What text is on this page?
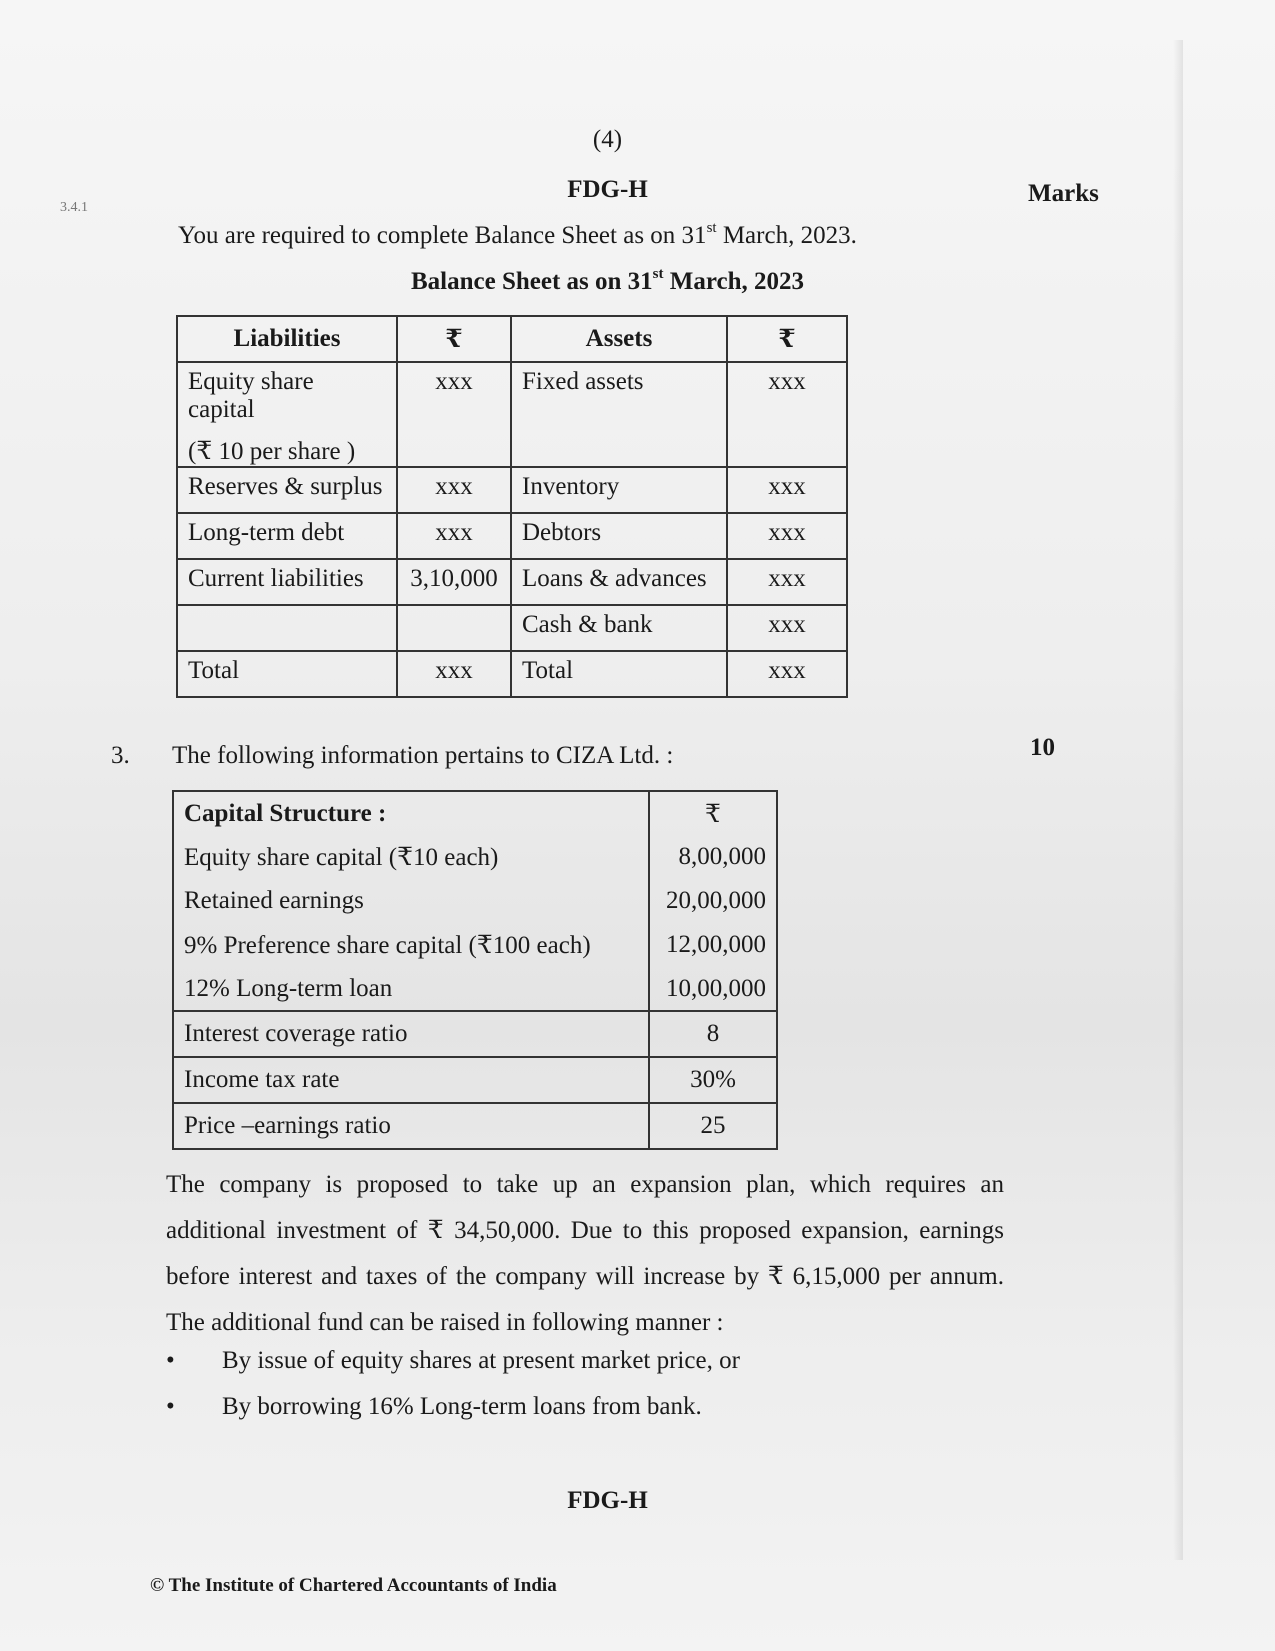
3.4.1
(4)
FDG-H	Marks
You are required to complete Balance Sheet as on 31st March, 2023.
Balance Sheet as on 31st March, 2023
Liabilities	₹	Assets	₹
Equity share capital
(₹ 10 per share )	xxx	Fixed assets	xxx
Reserves & surplus	xxx	Inventory	xxx
Long-term debt	xxx	Debtors	xxx
Current liabilities	3,10,000	Loans & advances	xxx
		Cash & bank	xxx
Total	xxx	Total	xxx
3. The following information pertains to CIZA Ltd. :	10
Capital Structure :	₹
Equity share capital (₹10 each)	8,00,000
Retained earnings	20,00,000
9% Preference share capital (₹100 each)	12,00,000
12% Long-term loan	10,00,000
Interest coverage ratio	8
Income tax rate	30%
Price –earnings ratio	25
The company is proposed to take up an expansion plan, which requires an additional investment of ₹ 34,50,000. Due to this proposed expansion, earnings before interest and taxes of the company will increase by ₹ 6,15,000 per annum. The additional fund can be raised in following manner :
• By issue of equity shares at present market price, or
• By borrowing 16% Long-term loans from bank.
FDG-H
© The Institute of Chartered Accountants of India
